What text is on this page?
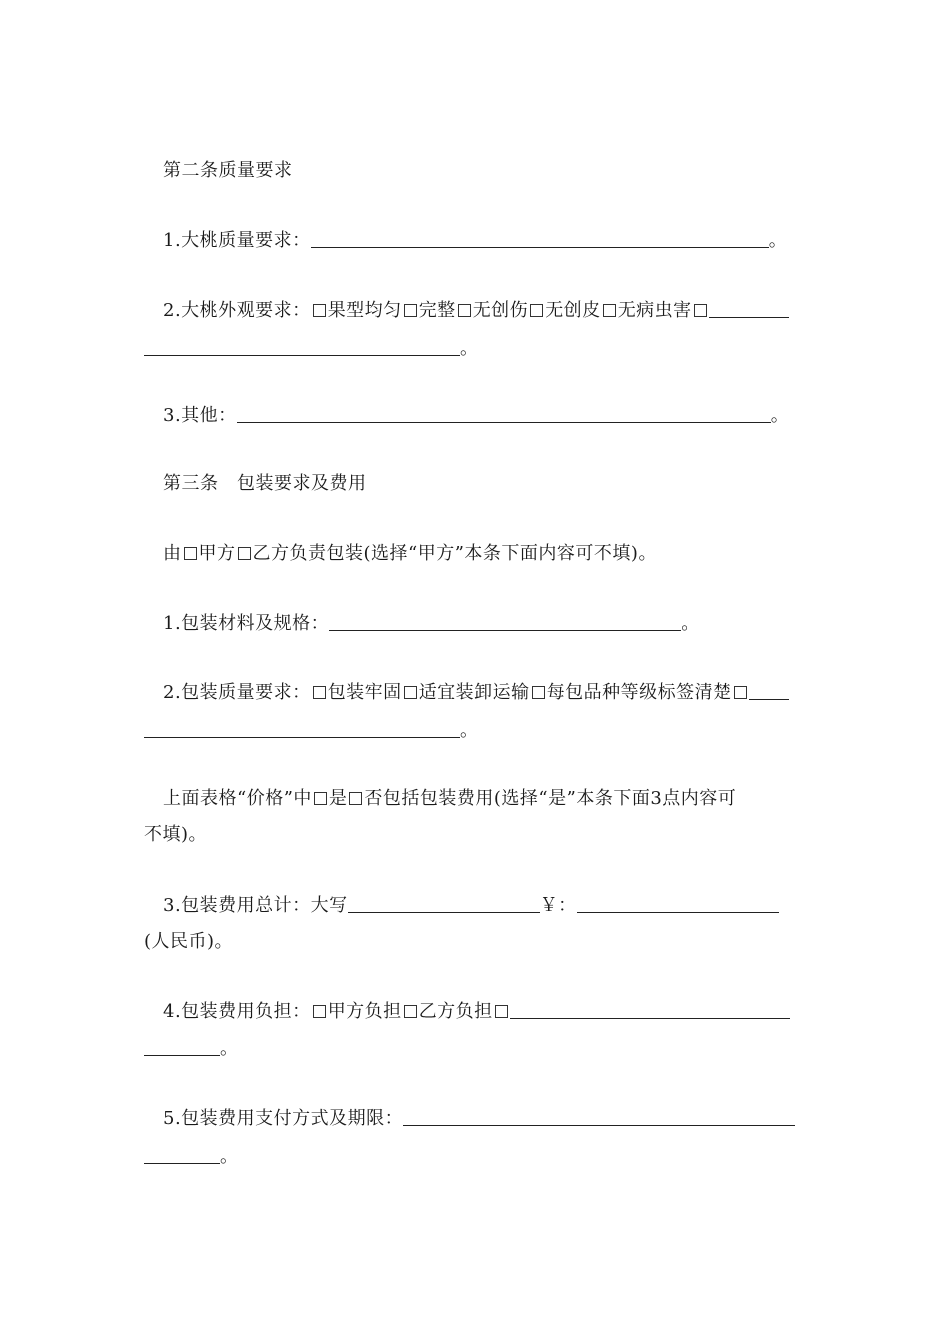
第二条质量要求
1.大桃质量要求：	。
2.大桃外观要求： 果型均匀 完整 无创伤 无创皮 无病虫害
。
3.其他：	。
第三条　包装要求及费用
由 甲方 乙方负责包装(选择“甲方”本条下面内容可不填)。
1.包装材料及规格：	。
2.包装质量要求： 包装牢固 适宜装卸运输 每包品种等级标签清楚
。
上面表格“价格”中 是 否包括包装费用(选择“是”本条下面3点内容可
不填)。
3.包装费用总计：大写	￥：
(人民币)。
4.包装费用负担： 甲方负担 乙方负担
。
5.包装费用支付方式及期限：
。
